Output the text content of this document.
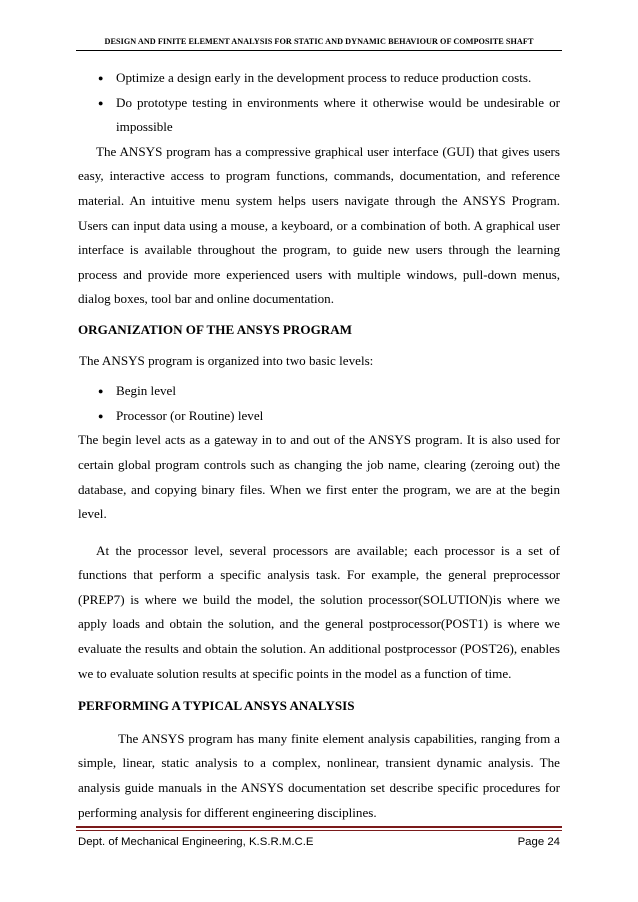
DESIGN AND FINITE ELEMENT ANALYSIS FOR STATIC AND DYNAMIC BEHAVIOUR OF COMPOSITE SHAFT
● Optimize a design early in the development process to reduce production costs.
● Do prototype testing in environments where it otherwise would be undesirable or impossible

The ANSYS program has a compressive graphical user interface (GUI) that gives users easy, interactive access to program functions, commands, documentation, and reference material. An intuitive menu system helps users navigate through the ANSYS Program. Users can input data using a mouse, a keyboard, or a combination of both. A graphical user interface is available throughout the program, to guide new users through the learning process and provide more experienced users with multiple windows, pull-down menus, dialog boxes, tool bar and online documentation.

ORGANIZATION OF THE ANSYS PROGRAM

The ANSYS program is organized into two basic levels:

● Begin level
● Processor (or Routine) level

The begin level acts as a gateway in to and out of the ANSYS program. It is also used for certain global program controls such as changing the job name, clearing (zeroing out) the database, and copying binary files. When we first enter the program, we are at the begin level.

At the processor level, several processors are available; each processor is a set of functions that perform a specific analysis task. For example, the general preprocessor (PREP7) is where we build the model, the solution processor(SOLUTION)is where we apply loads and obtain the solution, and the general postprocessor(POST1) is where we evaluate the results and obtain the solution. An additional postprocessor (POST26), enables we to evaluate solution results at specific points in the model as a function of time.

PERFORMING A TYPICAL ANSYS ANALYSIS

The ANSYS program has many finite element analysis capabilities, ranging from a simple, linear, static analysis to a complex, nonlinear, transient dynamic analysis. The analysis guide manuals in the ANSYS documentation set describe specific procedures for performing analysis for different engineering disciplines.

Dept. of Mechanical Engineering, K.S.R.M.C.E	Page 24
